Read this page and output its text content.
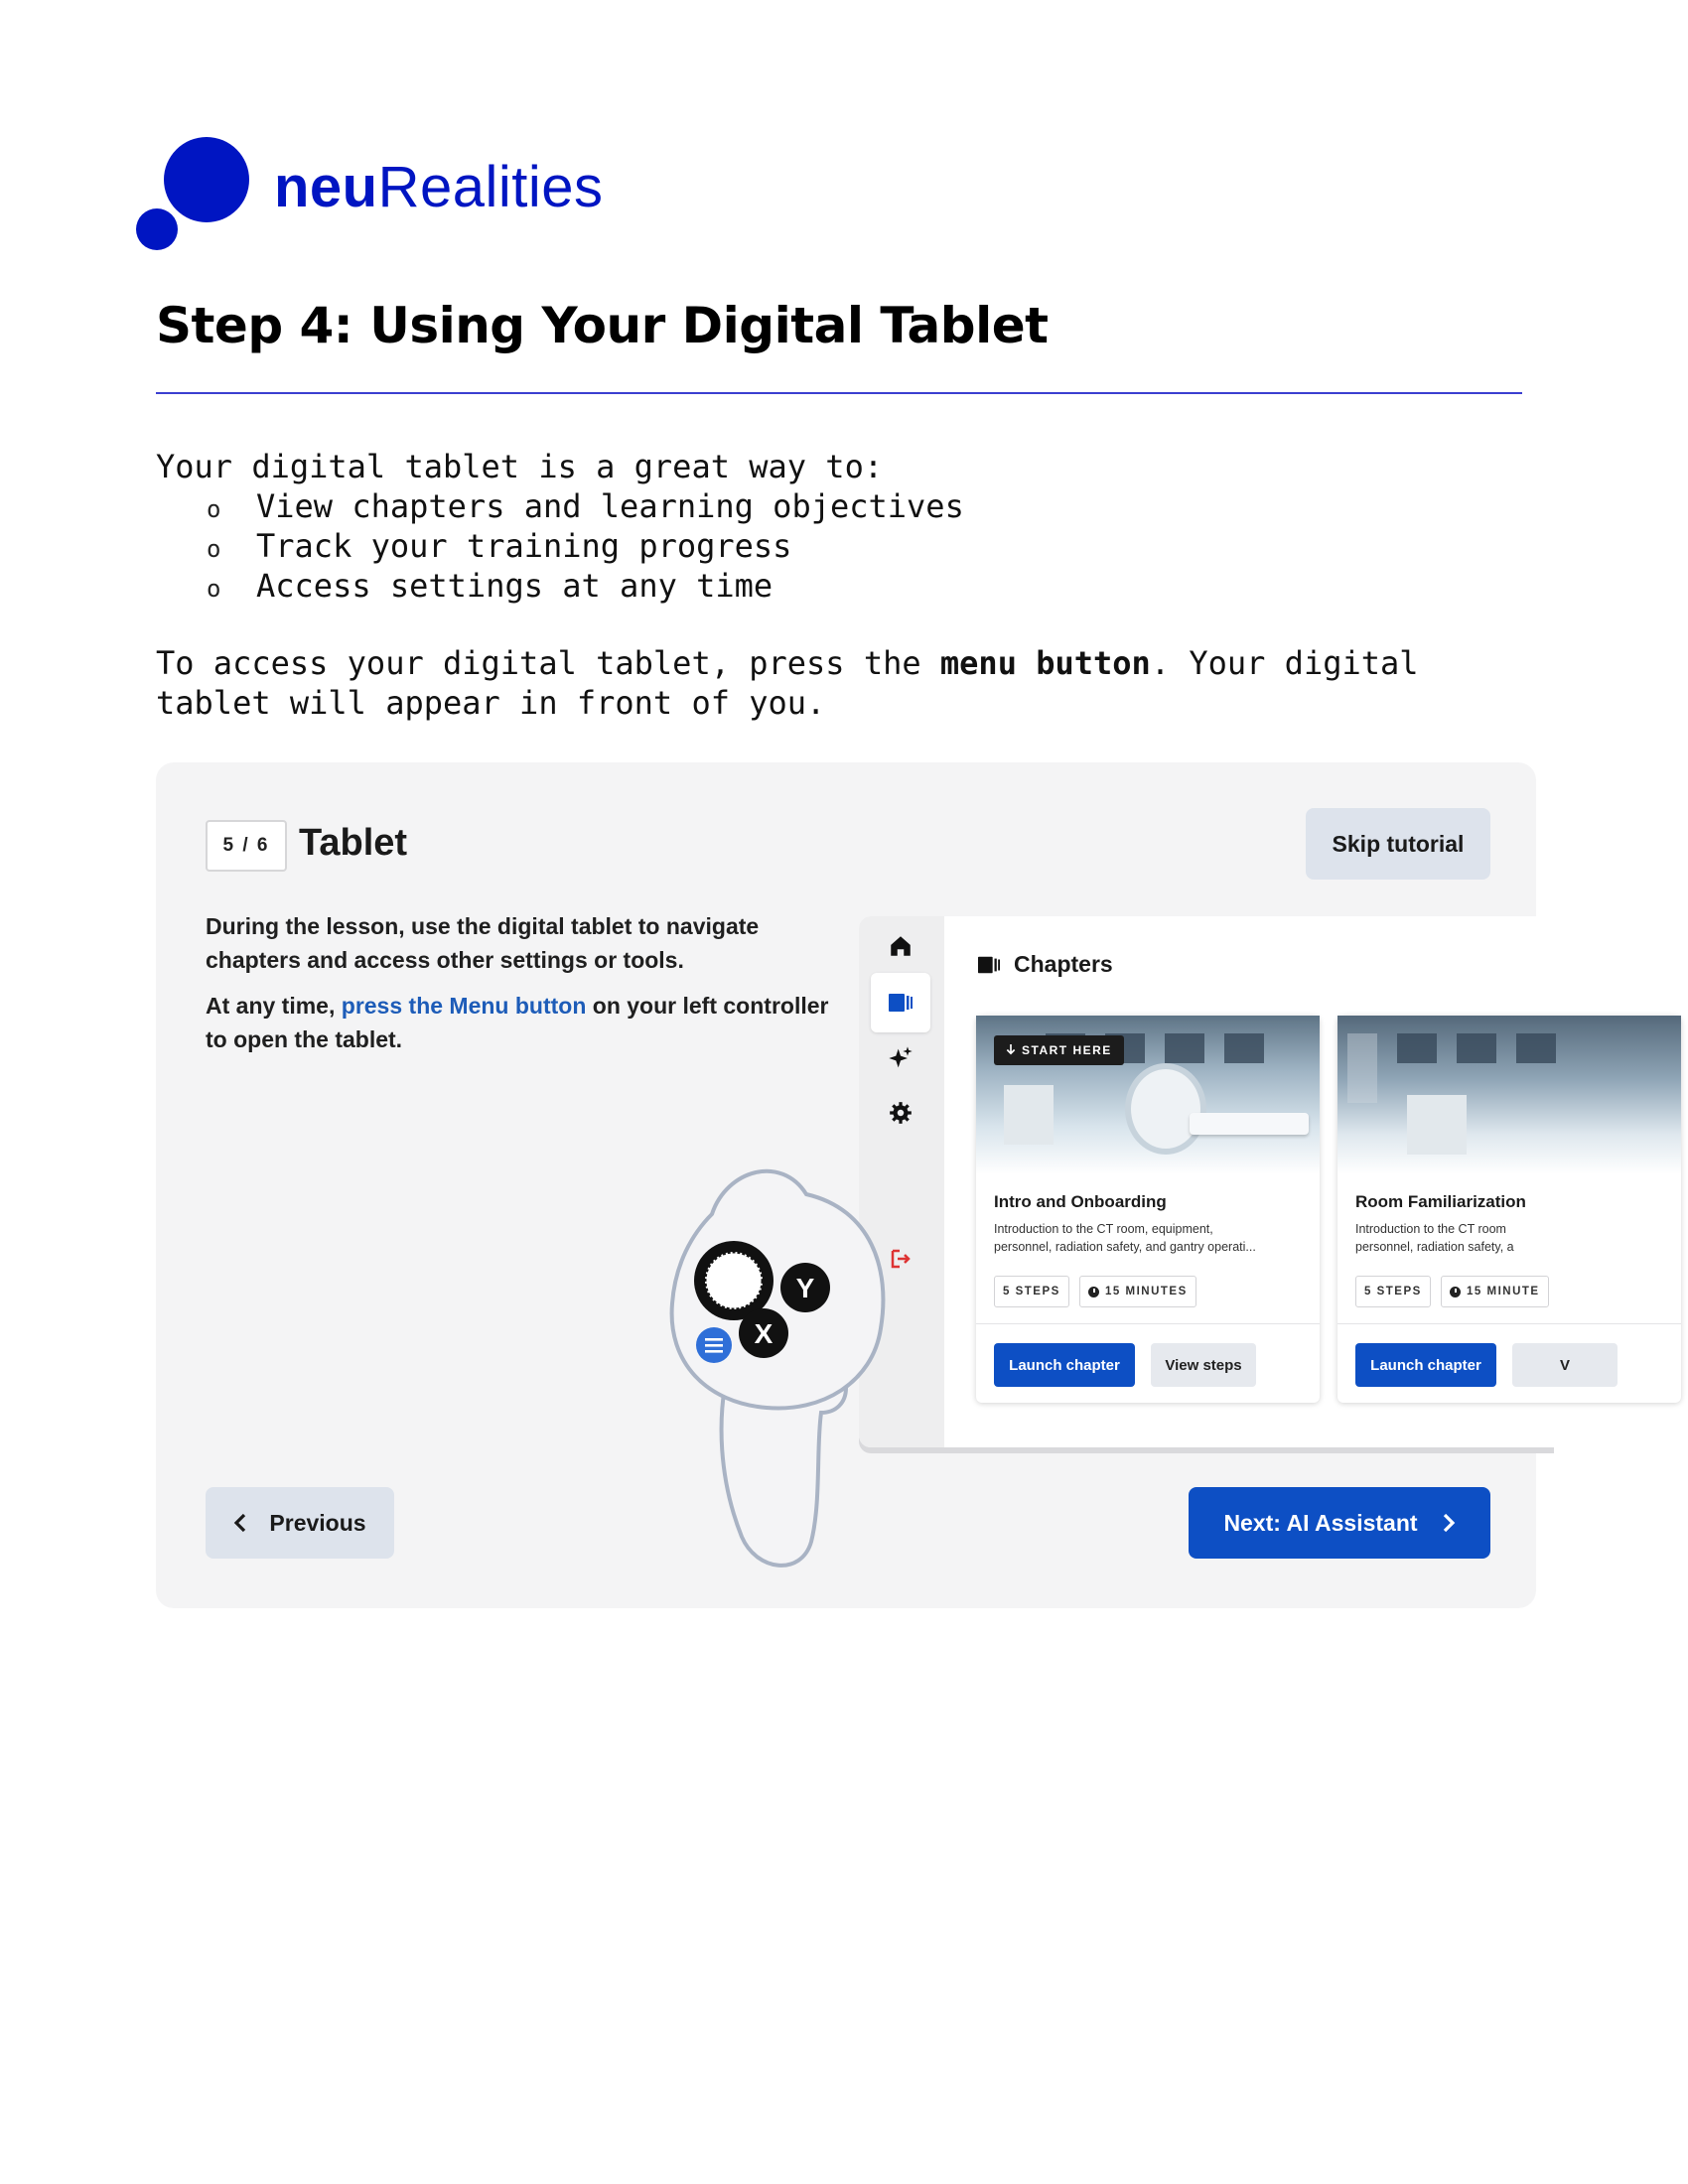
neuRealities
Step 4: Using Your Digital Tablet
Your digital tablet is a great way to:
o View chapters and learning objectives
o Track your training progress
o Access settings at any time
To access your digital tablet, press the menu button. Your digital tablet will appear in front of you.
5 / 6 Tablet	Skip tutorial
During the lesson, use the digital tablet to navigate chapters and access other settings or tools.
At any time, press the Menu button on your left controller to open the tablet.
Chapters
START HERE
Intro and Onboarding
Introduction to the CT room, equipment,
personnel, radiation safety, and gantry operati...
5 STEPS	15 MINUTES
Launch chapter	View steps
Room Familiarization
Introduction to the CT room
personnel, radiation safety, a
5 STEPS	15 MINUTE
Launch chapter	V
Y
X
Previous	Next: AI Assistant
